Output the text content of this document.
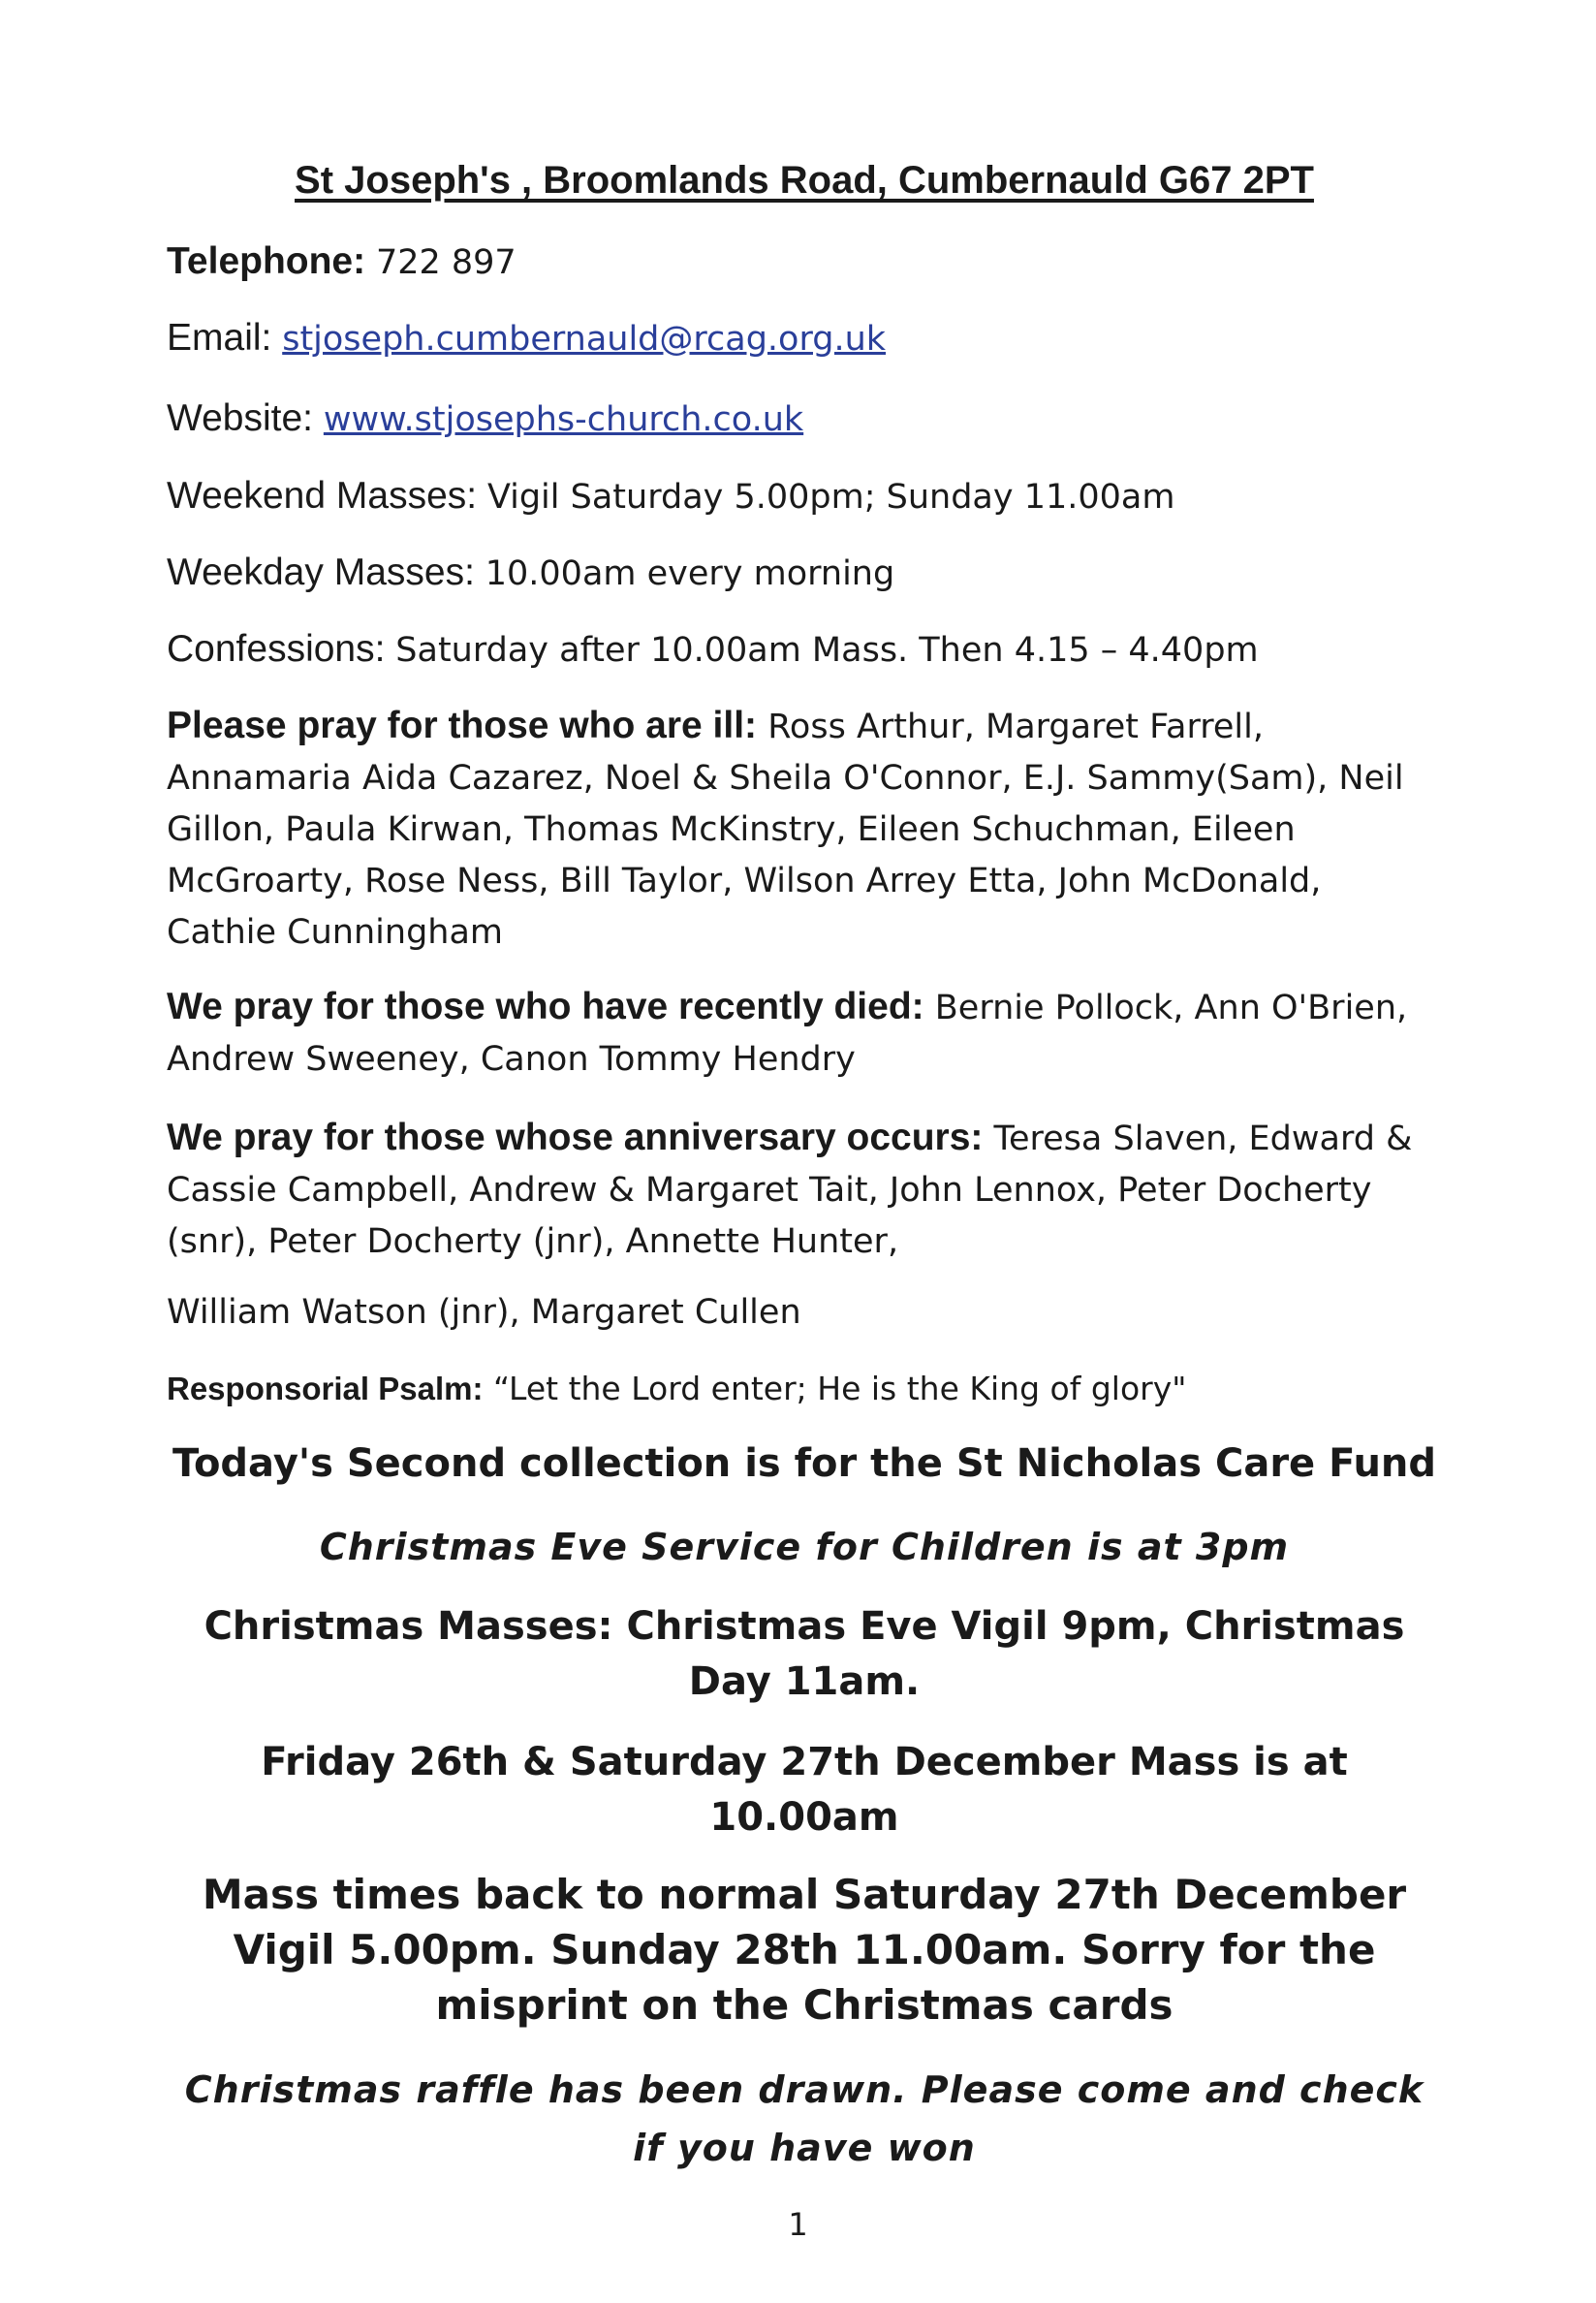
St Joseph's , Broomlands Road, Cumbernauld G67 2PT
Telephone: 722 897
Email: stjoseph.cumbernauld@rcag.org.uk
Website: www.stjosephs-church.co.uk
Weekend Masses: Vigil Saturday 5.00pm; Sunday 11.00am
Weekday Masses: 10.00am every morning
Confessions: Saturday after 10.00am Mass. Then 4.15 – 4.40pm
Please pray for those who are ill: Ross Arthur, Margaret Farrell, Annamaria Aida Cazarez, Noel & Sheila O'Connor, E.J. Sammy(Sam), Neil Gillon, Paula Kirwan, Thomas McKinstry, Eileen Schuchman, Eileen McGroarty, Rose Ness, Bill Taylor, Wilson Arrey Etta, John McDonald, Cathie Cunningham
We pray for those who have recently died: Bernie Pollock, Ann O'Brien, Andrew Sweeney, Canon Tommy Hendry
We pray for those whose anniversary occurs: Teresa Slaven, Edward & Cassie Campbell, Andrew & Margaret Tait, John Lennox, Peter Docherty (snr), Peter Docherty (jnr), Annette Hunter,
William Watson (jnr), Margaret Cullen
Responsorial Psalm: “Let the Lord enter; He is the King of glory"
Today's Second collection is for the St Nicholas Care Fund
Christmas Eve Service for Children is at 3pm
Christmas Masses: Christmas Eve Vigil 9pm, Christmas Day 11am.
Friday 26th & Saturday 27th December Mass is at 10.00am
Mass times back to normal Saturday 27th December Vigil 5.00pm. Sunday 28th 11.00am. Sorry for the misprint on the Christmas cards
Christmas raffle has been drawn. Please come and check if you have won
1
